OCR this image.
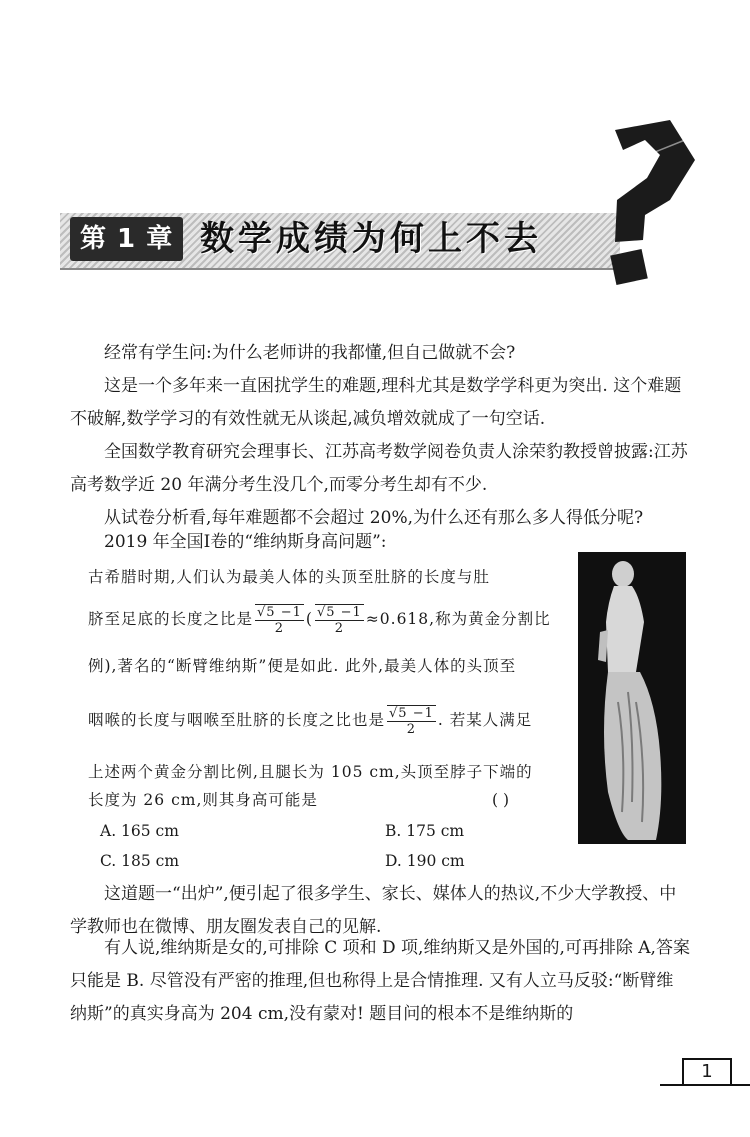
第 1 章 数学成绩为何上不去

经常有学生问:为什么老师讲的我都懂,但自己做就不会?

这是一个多年来一直困扰学生的难题,理科尤其是数学学科更为突出. 这个难题不破解,数学学习的有效性就无从谈起,减负增效就成了一句空话.

全国数学教育研究会理事长、江苏高考数学阅卷负责人涂荣豹教授曾披露:江苏高考数学近 20 年满分考生没几个,而零分考生却有不少.

从试卷分析看,每年难题都不会超过 20%,为什么还有那么多人得低分呢?

2019 年全国Ⅰ卷的“维纳斯身高问题”:

古希腊时期,人们认为最美人体的头顶至肚脐的长度与肚

脐至足底的长度之比是 $\frac{√5 -1}{2}$ ( $\frac{√5 -1}{2} \approx 0.618$,称为黄金分割比

例),著名的“断臂维纳斯”便是如此. 此外,最美人体的头顶至

咽喉的长度与咽喉至肚脐的长度之比也是 $\frac{√5 -1}{2}$ . 若某人满足

上述两个黄金分割比例,且腿长为 105 cm,头顶至脖子下端的

长度为 26 cm,则其身高可能是	( )
A. 165 cm	B. 175 cm
C. 185 cm	D. 190 cm

这道题一“出炉”,便引起了很多学生、家长、媒体人的热议,不少大学教授、中学教师也在微博、朋友圈发表自己的见解.

有人说,维纳斯是女的,可排除 C 项和 D 项,维纳斯又是外国的,可再排除 A,答案只能是 B. 尽管没有严密的推理,但也称得上是合情推理. 又有人立马反驳:“断臂维纳斯”的真实身高为 204 cm,没有蒙对! 题目问的根本不是维纳斯的

1
